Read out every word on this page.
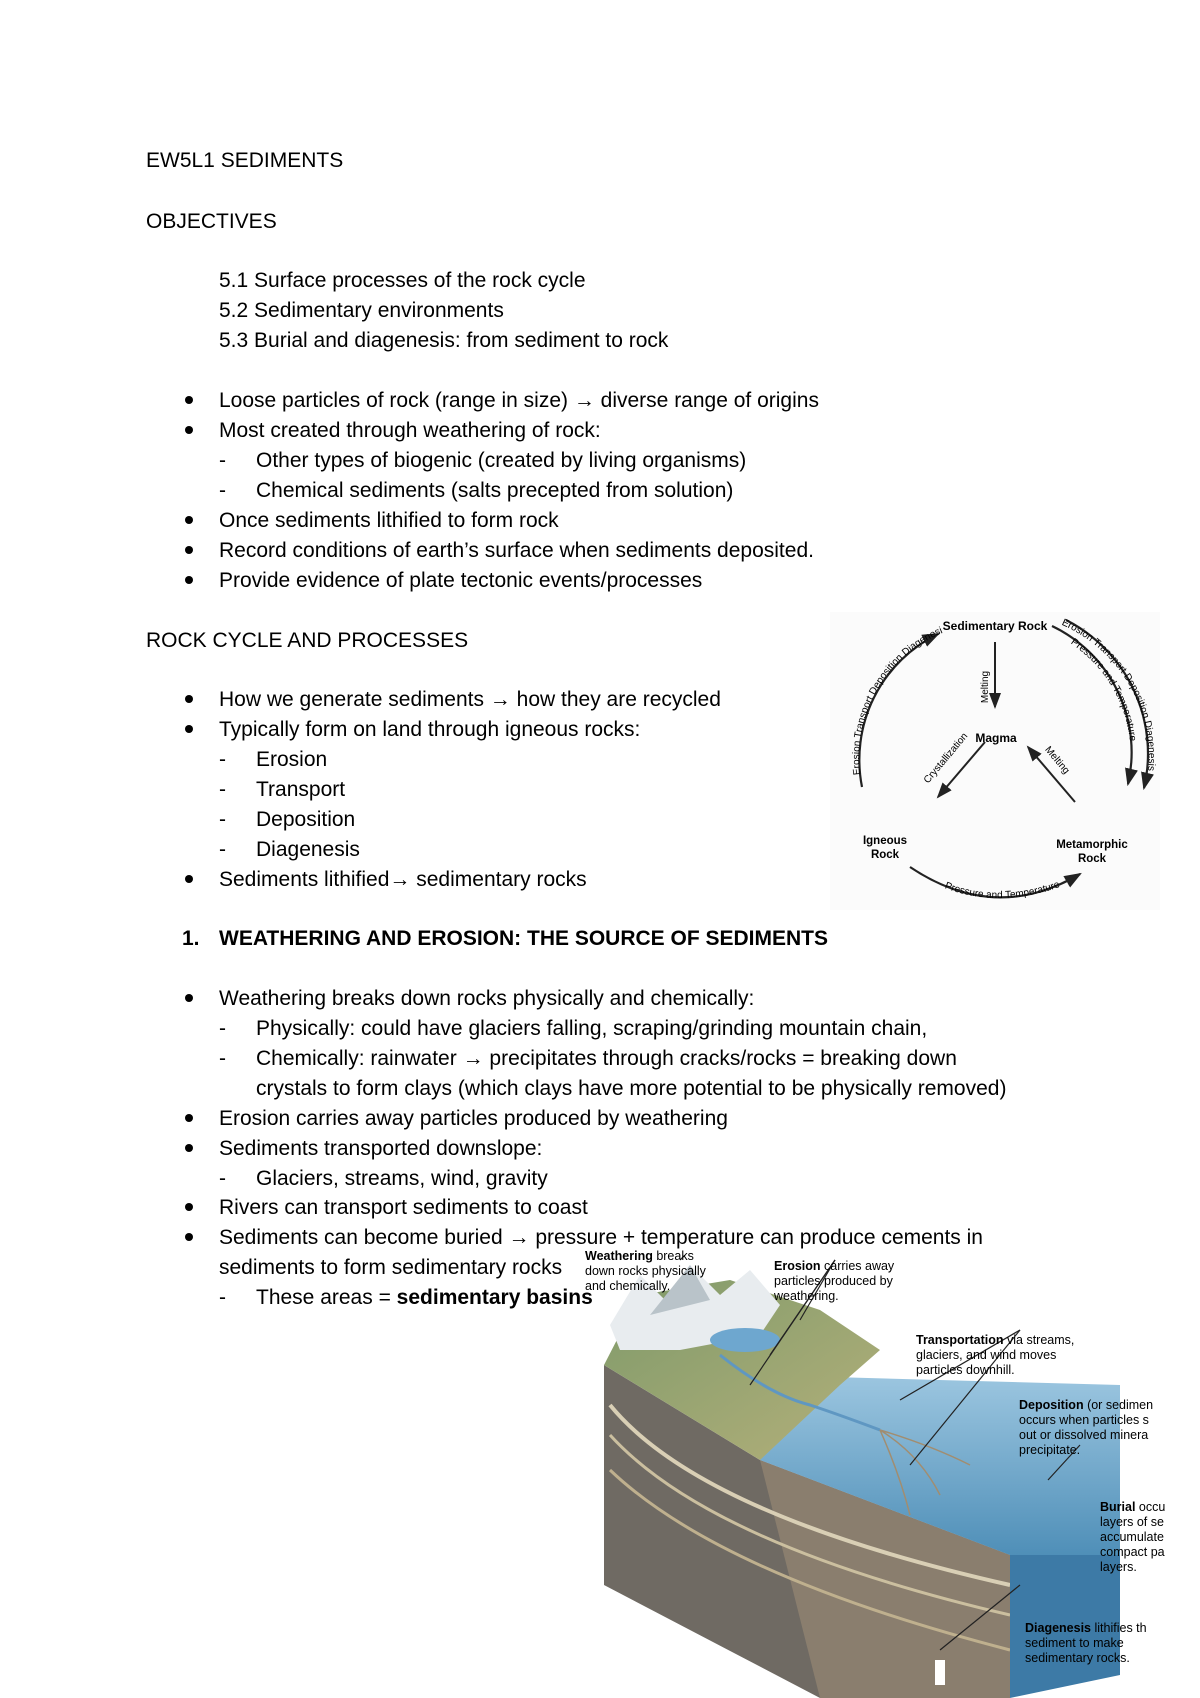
EW5L1 SEDIMENTS
OBJECTIVES
5.1 Surface processes of the rock cycle
5.2 Sedimentary environments
5.3 Burial and diagenesis: from sediment to rock
Loose particles of rock (range in size) → diverse range of origins
Most created through weathering of rock:
- Other types of biogenic (created by living organisms)
- Chemical sediments (salts precepted from solution)
Once sediments lithified to form rock
Record conditions of earth’s surface when sediments deposited.
Provide evidence of plate tectonic events/processes
ROCK CYCLE AND PROCESSES
How we generate sediments → how they are recycled
Typically form on land through igneous rocks:
- Erosion
- Transport
- Deposition
- Diagenesis
Sediments lithified→ sedimentary rocks
1. WEATHERING AND EROSION: THE SOURCE OF SEDIMENTS
Weathering breaks down rocks physically and chemically:
- Physically: could have glaciers falling, scraping/grinding mountain chain,
- Chemically: rainwater → precipitates through cracks/rocks = breaking down
crystals to form clays (which clays have more potential to be physically removed)
Erosion carries away particles produced by weathering
Sediments transported downslope:
- Glaciers, streams, wind, gravity
Rivers can transport sediments to coast
Sediments can become buried → pressure + temperature can produce cements in
sediments to form sedimentary rocks
- These areas = sedimentary basins
Sedimentary Rock
Magma
Igneous
Rock
Metamorphic
Rock
Melting
Crystallization	Melting
Pressure and Temperature
Erosion Transport Deposition Diagenesi
Pressure and Temperature
Erosion Transport Deposition Diagenesis
Weathering breaks
down rocks physically
and chemically.
Erosion carries away
particles produced by
weathering.
Transportation via streams,
glaciers, and wind moves
particles downhill.
Deposition (or sedimen
occurs when particles s
out or dissolved minera
precipitate.
Burial occu
layers of se
accumulate
compact pa
layers.
Diagenesis lithifies th
sediment to make
sedimentary rocks.
